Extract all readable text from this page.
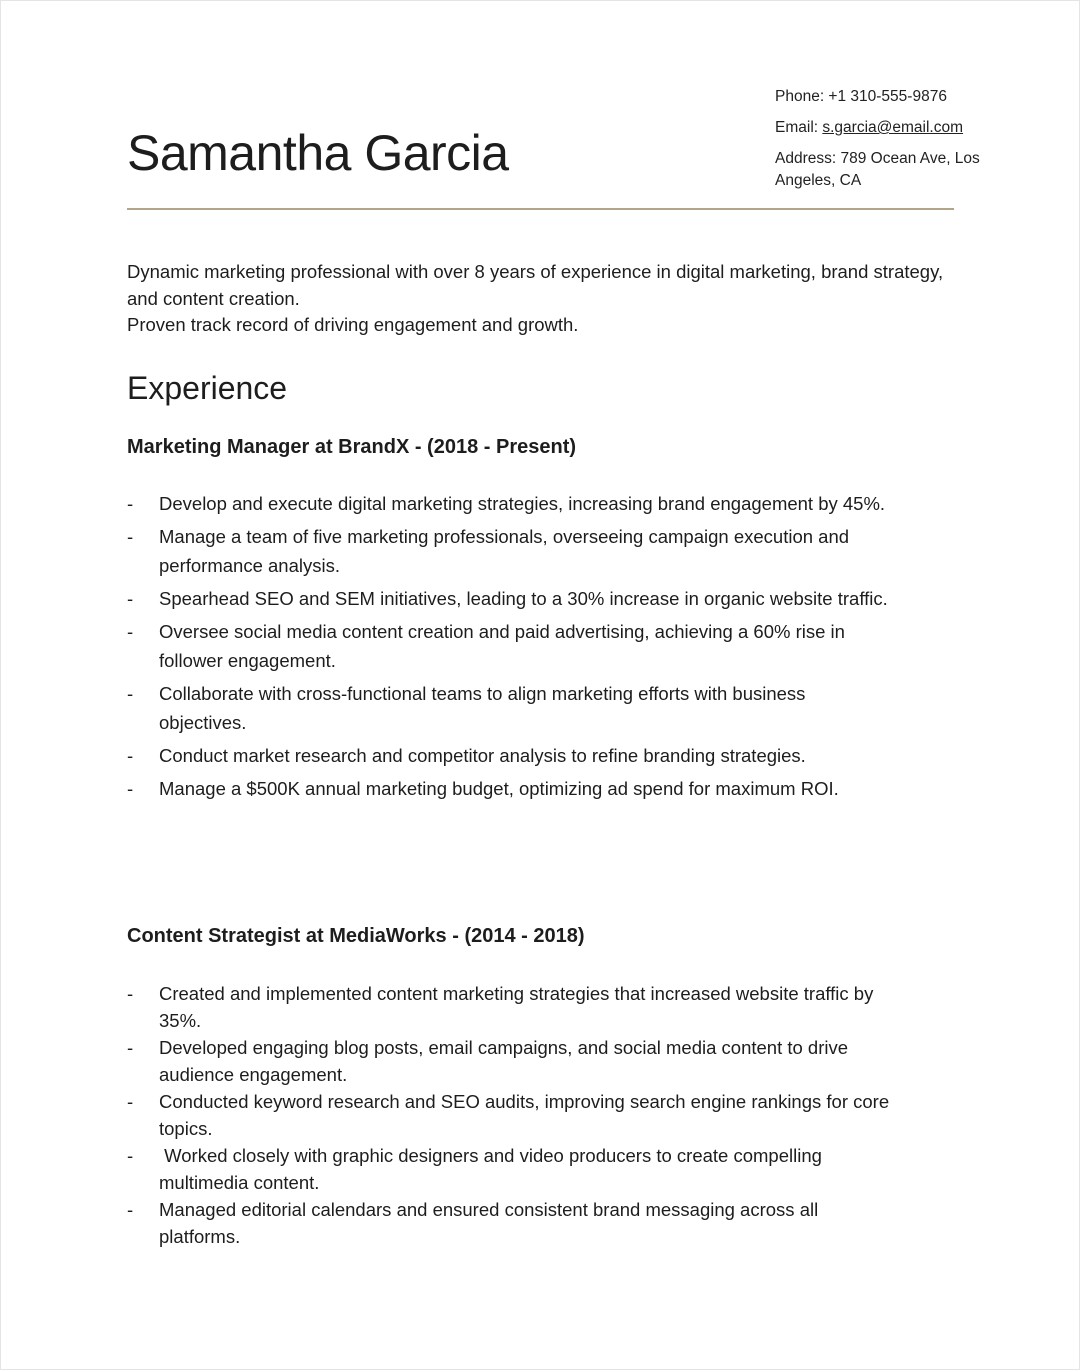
Samantha Garcia
Phone: +1 310-555-9876
Email: s.garcia@email.com
Address: 789 Ocean Ave, Los Angeles, CA

Dynamic marketing professional with over 8 years of experience in digital marketing, brand strategy, and content creation.

Proven track record of driving engagement and growth.

Experience
Marketing Manager at BrandX - (2018 - Present)
- Develop and execute digital marketing strategies, increasing brand engagement by 45%.
- Manage a team of five marketing professionals, overseeing campaign execution and performance analysis.
- Spearhead SEO and SEM initiatives, leading to a 30% increase in organic website traffic.
- Oversee social media content creation and paid advertising, achieving a 60% rise in follower engagement.
- Collaborate with cross-functional teams to align marketing efforts with business objectives.
- Conduct market research and competitor analysis to refine branding strategies.
- Manage a $500K annual marketing budget, optimizing ad spend for maximum ROI.
Content Strategist at MediaWorks - (2014 - 2018)
- Created and implemented content marketing strategies that increased website traffic by 35%.
- Developed engaging blog posts, email campaigns, and social media content to drive audience engagement.
- Conducted keyword research and SEO audits, improving search engine rankings for core topics.
- Worked closely with graphic designers and video producers to create compelling multimedia content.
- Managed editorial calendars and ensured consistent brand messaging across all platforms.
